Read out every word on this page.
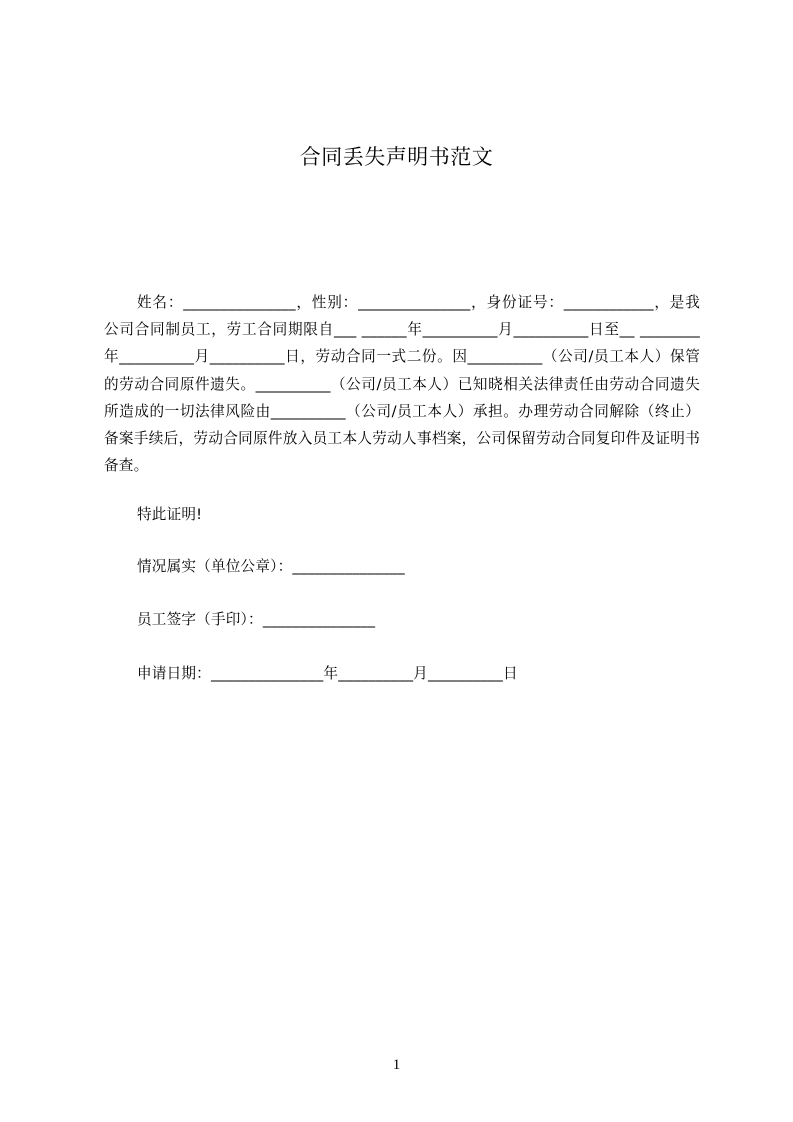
合同丢失声明书范文
姓名：_______________，性别：_______________，身份证号：____________，是我公司合同制员工，劳工合同期限自___ ______年__________月__________日至__ ________年__________月__________日，劳动合同一式二份。因__________（公司/员工本人）保管的劳动合同原件遗失。__________（公司/员工本人）已知晓相关法律责任由劳动合同遗失所造成的一切法律风险由__________（公司/员工本人）承担。办理劳动合同解除（终止）备案手续后，劳动合同原件放入员工本人劳动人事档案，公司保留劳动合同复印件及证明书备查。
特此证明!
情况属实（单位公章）：_______________
员工签字（手印）：_______________
申请日期：_______________年__________月__________日
1
